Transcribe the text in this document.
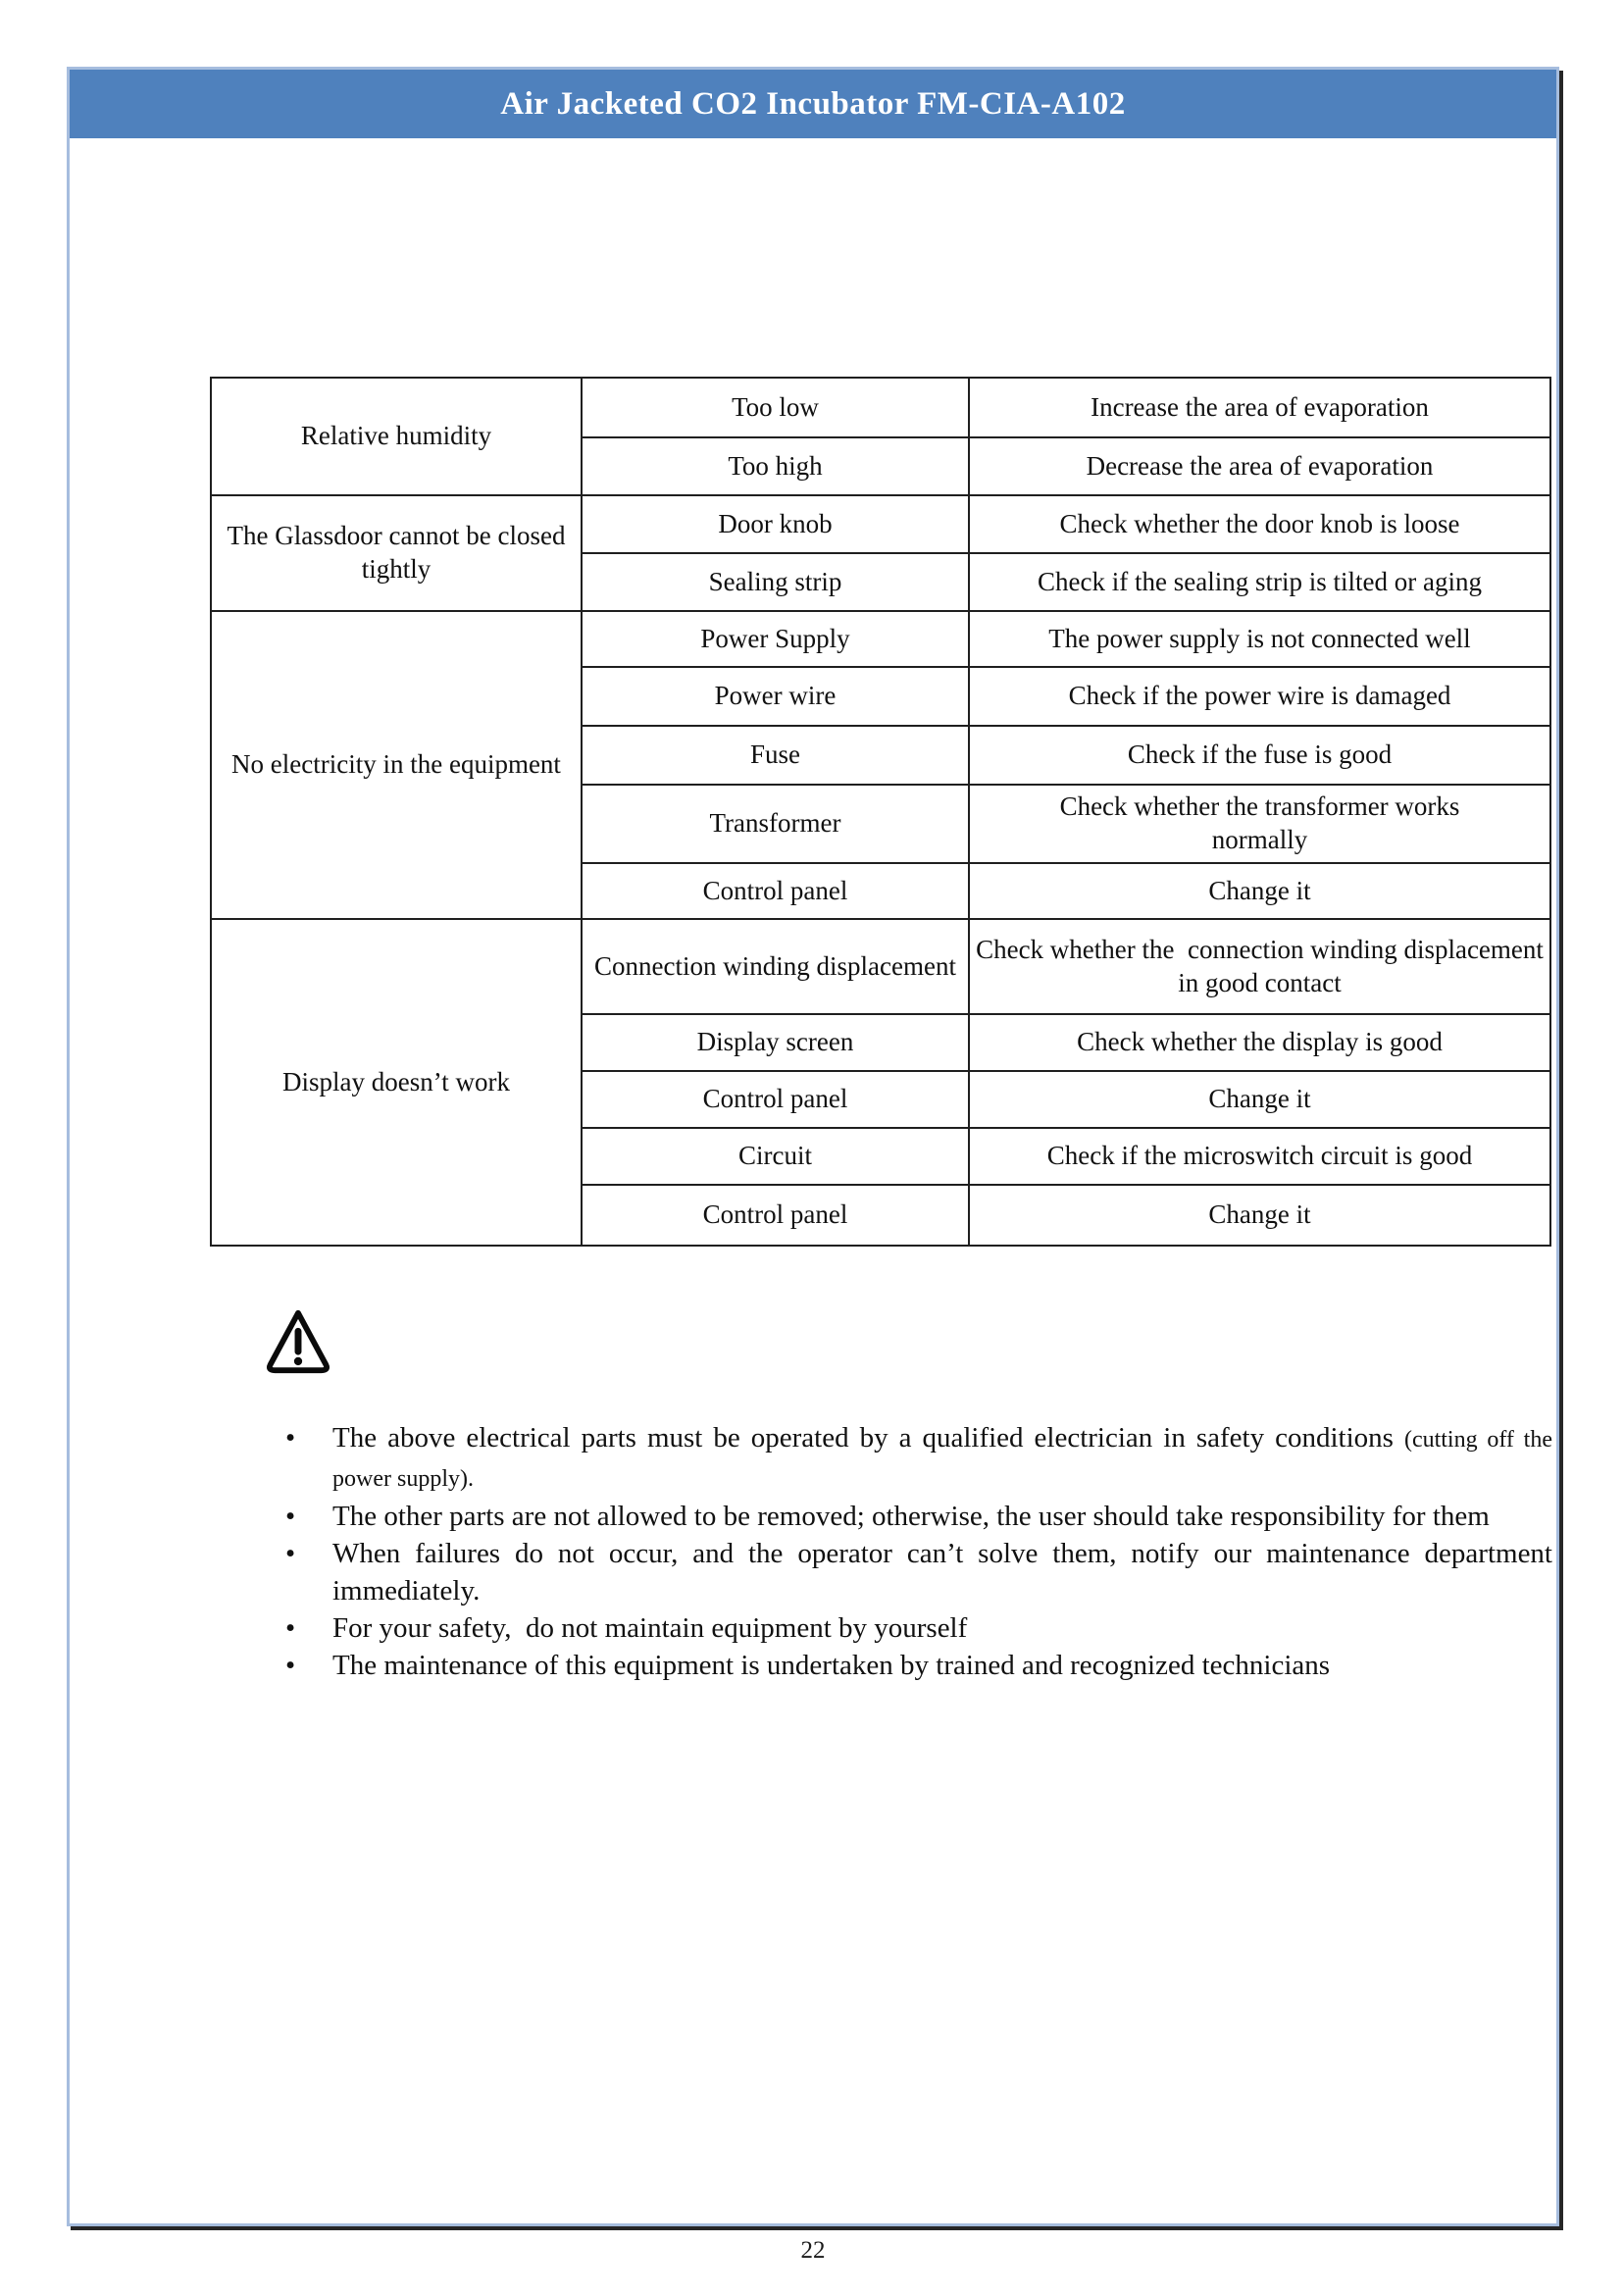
Air Jacketed CO2 Incubator FM-CIA-A102
Relative humidity	Too low	Increase the area of evaporation
	Too high	Decrease the area of evaporation
The Glassdoor cannot be closed tightly	Door knob	Check whether the door knob is loose
	Sealing strip	Check if the sealing strip is tilted or aging
No electricity in the equipment	Power Supply	The power supply is not connected well
	Power wire	Check if the power wire is damaged
	Fuse	Check if the fuse is good
	Transformer	Check whether the transformer works normally
	Control panel	Change it
Display doesn’t work	Connection winding displacement	Check whether the  connection winding displacement in good contact
	Display screen	Check whether the display is good
	Control panel	Change it
	Circuit	Check if the microswitch circuit is good
	Control panel	Change it
• The above electrical parts must be operated by a qualified electrician in safety conditions (cutting off the power supply).
• The other parts are not allowed to be removed; otherwise, the user should take responsibility for them
• When failures do not occur, and the operator can’t solve them, notify our maintenance department immediately.
• For your safety,  do not maintain equipment by yourself
• The maintenance of this equipment is undertaken by trained and recognized technicians
22
